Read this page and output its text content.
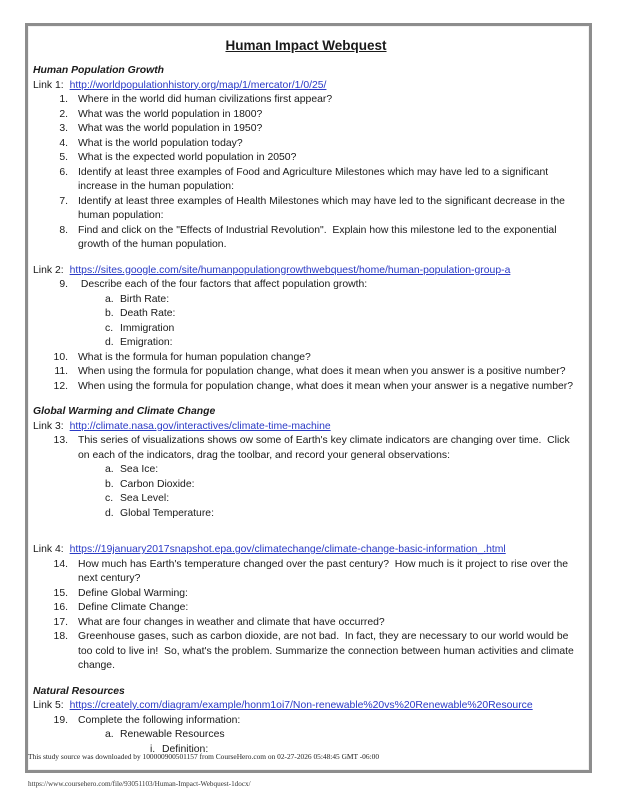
Human Impact Webquest

Human Population Growth

Link 1: http://worldpopulationhistory.org/map/1/mercator/1/0/25/

1. Where in the world did human civilizations first appear?
2. What was the world population in 1800?
3. What was the world population in 1950?
4. What is the world population today?
5. What is the expected world population in 2050?
6. Identify at least three examples of Food and Agriculture Milestones which may have led to a significant increase in the human population:
7. Identify at least three examples of Health Milestones which may have led to the significant decrease in the human population:
8. Find and click on the "Effects of Industrial Revolution".  Explain how this milestone led to the exponential growth of the human population.

Link 2: https://sites.google.com/site/humanpopulationgrowthwebquest/home/human-population-group-a

9. Describe each of the four factors that affect population growth:
a. Birth Rate:
b. Death Rate:
c. Immigration
d. Emigration:
10. What is the formula for human population change?
11. When using the formula for population change, what does it mean when you answer is a positive number?
12. When using the formula for population change, what does it mean when your answer is a negative number?

Global Warming and Climate Change

Link 3: http://climate.nasa.gov/interactives/climate-time-machine

13. This series of visualizations shows ow some of Earth's key climate indicators are changing over time.  Click on each of the indicators, drag the toolbar, and record your general observations:
a. Sea Ice:
b. Carbon Dioxide:
c. Sea Level:
d. Global Temperature:

Link 4: https://19january2017snapshot.epa.gov/climatechange/climate-change-basic-information_.html

14. How much has Earth's temperature changed over the past century?  How much is it project to rise over the next century?
15. Define Global Warming:
16. Define Climate Change:
17. What are four changes in weather and climate that have occurred?
18. Greenhouse gases, such as carbon dioxide, are not bad.  In fact, they are necessary to our world would be too cold to live in!  So, what's the problem. Summarize the connection between human activities and climate change.

Natural Resources

Link 5: https://creately.com/diagram/example/honm1oi7/Non-renewable%20vs%20Renewable%20Resource

19. Complete the following information:
a. Renewable Resources
i. Definition:
This study source was downloaded by 100000900501157 from CourseHero.com on 02-27-2026 05:48:45 GMT -06:00
https://www.coursehero.com/file/93051103/Human-Impact-Webquest-1docx/
